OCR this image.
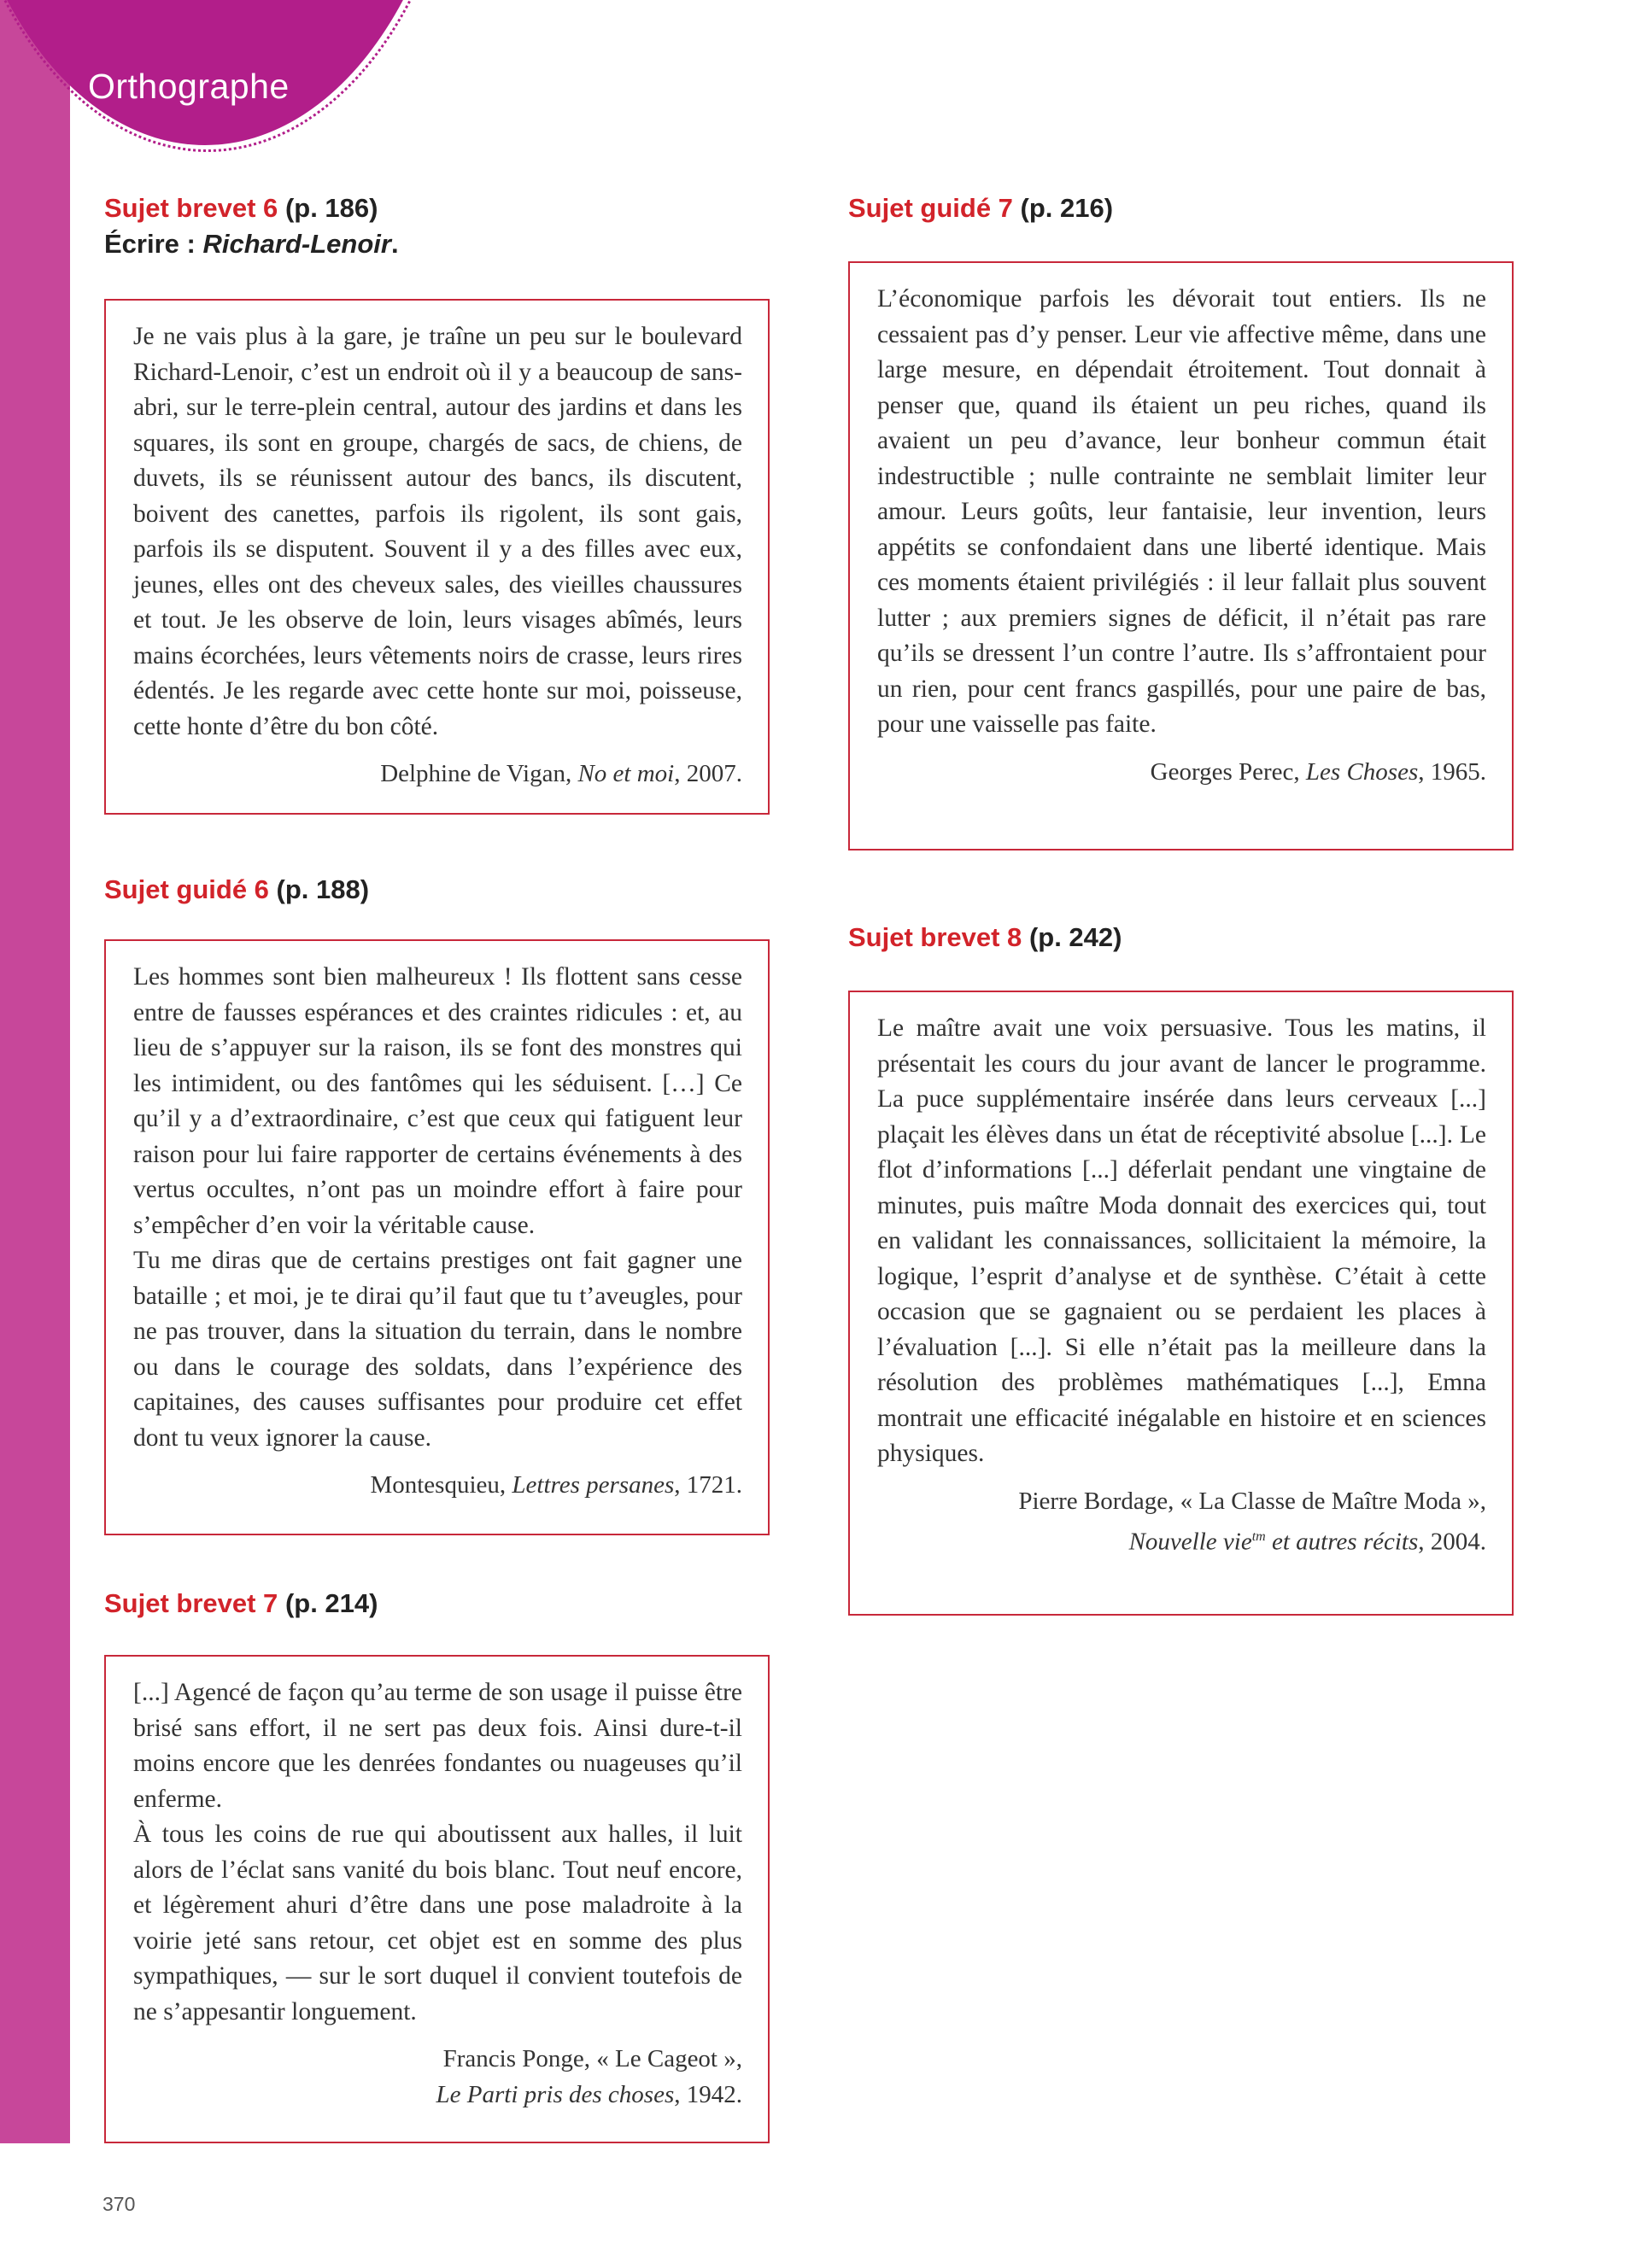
Orthographe
Sujet brevet 6 (p. 186)
Écrire : Richard-Lenoir.

Je ne vais plus à la gare, je traîne un peu sur le boulevard Richard-Lenoir, c’est un endroit où il y a beaucoup de sans-abri, sur le terre-plein central, autour des jardins et dans les squares, ils sont en groupe, chargés de sacs, de chiens, de duvets, ils se réunissent autour des bancs, ils discutent, boivent des canettes, parfois ils rigolent, ils sont gais, parfois ils se disputent. Souvent il y a des filles avec eux, jeunes, elles ont des cheveux sales, des vieilles chaussures et tout. Je les observe de loin, leurs visages abîmés, leurs mains écorchées, leurs vêtements noirs de crasse, leurs rires édentés. Je les regarde avec cette honte sur moi, poisseuse, cette honte d’être du bon côté.

Delphine de Vigan, No et moi, 2007.

Sujet guidé 6 (p. 188)

Les hommes sont bien malheureux ! Ils flottent sans cesse entre de fausses espérances et des craintes ridicules : et, au lieu de s’appuyer sur la raison, ils se font des monstres qui les intimident, ou des fantômes qui les séduisent. […] Ce qu’il y a d’extraordinaire, c’est que ceux qui fatiguent leur raison pour lui faire rapporter de certains événements à des vertus occultes, n’ont pas un moindre effort à faire pour s’empêcher d’en voir la véritable cause.

Tu me diras que de certains prestiges ont fait gagner une bataille ; et moi, je te dirai qu’il faut que tu t’aveugles, pour ne pas trouver, dans la situation du terrain, dans le nombre ou dans le courage des soldats, dans l’expérience des capitaines, des causes suffisantes pour produire cet effet dont tu veux ignorer la cause.

Montesquieu, Lettres persanes, 1721.

Sujet brevet 7 (p. 214)

[...] Agencé de façon qu’au terme de son usage il puisse être brisé sans effort, il ne sert pas deux fois. Ainsi dure-t-il moins encore que les denrées fondantes ou nuageuses qu’il enferme.

À tous les coins de rue qui aboutissent aux halles, il luit alors de l’éclat sans vanité du bois blanc. Tout neuf encore, et légèrement ahuri d’être dans une pose maladroite à la voirie jeté sans retour, cet objet est en somme des plus sympathiques, — sur le sort duquel il convient toutefois de ne s’appesantir longuement.

Francis Ponge, « Le Cageot »,
Le Parti pris des choses, 1942.

Sujet guidé 7 (p. 216)

L’économique parfois les dévorait tout entiers. Ils ne cessaient pas d’y penser. Leur vie affective même, dans une large mesure, en dépendait étroitement. Tout donnait à penser que, quand ils étaient un peu riches, quand ils avaient un peu d’avance, leur bonheur commun était indestructible ; nulle contrainte ne semblait limiter leur amour. Leurs goûts, leur fantaisie, leur invention, leurs appétits se confondaient dans une liberté identique. Mais ces moments étaient privilégiés : il leur fallait plus souvent lutter ; aux premiers signes de déficit, il n’était pas rare qu’ils se dressent l’un contre l’autre. Ils s’affrontaient pour un rien, pour cent francs gaspillés, pour une paire de bas, pour une vaisselle pas faite.

Georges Perec, Les Choses, 1965.

Sujet brevet 8 (p. 242)

Le maître avait une voix persuasive. Tous les matins, il présentait les cours du jour avant de lancer le programme. La puce supplémentaire insérée dans leurs cerveaux [...] plaçait les élèves dans un état de réceptivité absolue [...]. Le flot d’informations [...] déferlait pendant une vingtaine de minutes, puis maître Moda donnait des exercices qui, tout en validant les connaissances, sollicitaient la mémoire, la logique, l’esprit d’analyse et de synthèse. C’était à cette occasion que se gagnaient ou se perdaient les places à l’évaluation [...]. Si elle n’était pas la meilleure dans la résolution des problèmes mathématiques [...], Emna montrait une efficacité inégalable en histoire et en sciences physiques.

Pierre Bordage, « La Classe de Maître Moda »,
Nouvelle vie$^{tm}$ et autres récits, 2004.

370
